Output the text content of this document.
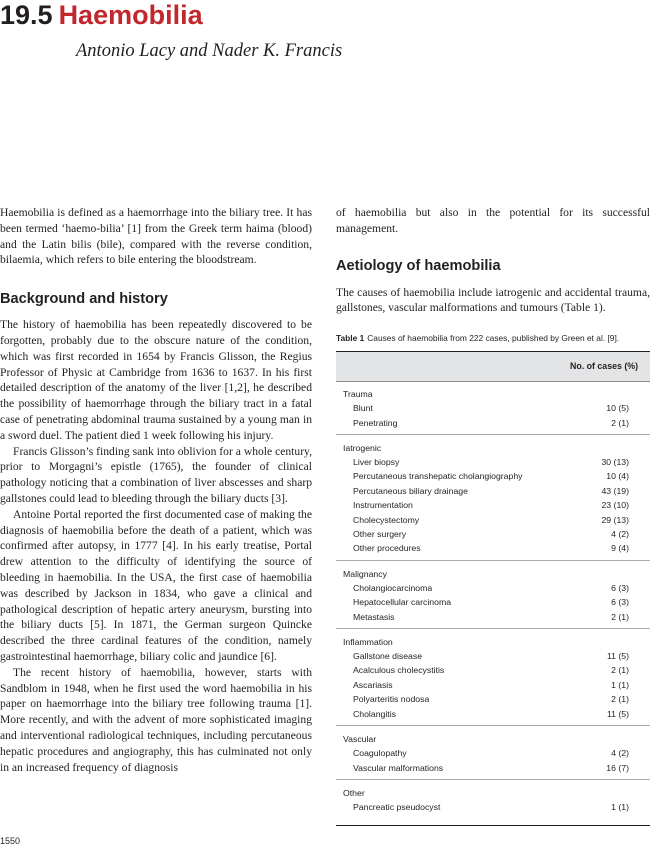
19.5 Haemobilia
Antonio Lacy and Nader K. Francis

Haemobilia is defined as a haemorrhage into the biliary tree. It has been termed ‘haemo-bilia’ [1] from the Greek term haima (blood) and the Latin bilis (bile), compared with the reverse condition, bilaemia, which refers to bile entering the bloodstream.

Background and history

The history of haemobilia has been repeatedly discovered to be forgotten, probably due to the obscure nature of the condition, which was first recorded in 1654 by Francis Glisson, the Regius Professor of Physic at Cambridge from 1636 to 1637. In his first detailed description of the anatomy of the liver [1,2], he described the possibility of haemorrhage through the biliary tract in a fatal case of penetrating abdominal trauma sustained by a young man in a sword duel. The patient died 1 week following his injury.

Francis Glisson’s finding sank into oblivion for a whole century, prior to Morgagni’s epistle (1765), the founder of clinical pathology noticing that a combination of liver abscesses and sharp gallstones could lead to bleeding through the biliary ducts [3].

Antoine Portal reported the first documented case of making the diagnosis of haemobilia before the death of a patient, which was confirmed after autopsy, in 1777 [4]. In his early treatise, Portal drew attention to the difficulty of identifying the source of bleeding in haemobilia. In the USA, the first case of haemobilia was described by Jackson in 1834, who gave a clinical and pathological description of hepatic artery aneurysm, bursting into the biliary ducts [5]. In 1871, the German surgeon Quincke described the three cardinal features of the condition, namely gastrointestinal haemorrhage, biliary colic and jaundice [6].

The recent history of haemobilia, however, starts with Sandblom in 1948, when he first used the word haemobilia in his paper on haemorrhage into the biliary tree following trauma [1]. More recently, and with the advent of more sophisticated imaging and interventional radiological techniques, including percutaneous hepatic procedures and angiography, this has culminated not only in an increased frequency of diagnosis

of haemobilia but also in the potential for its successful management.

Aetiology of haemobilia

The causes of haemobilia include iatrogenic and accidental trauma, gallstones, vascular malformations and tumours (Table 1).

Table 1 Causes of haemobilia from 222 cases, published by Green et al. [9].
No. of cases (%)
Trauma
Blunt	10 (5)
Penetrating	2 (1)
Iatrogenic
Liver biopsy	30 (13)
Percutaneous transhepatic cholangiography	10 (4)
Percutaneous biliary drainage	43 (19)
Instrumentation	23 (10)
Cholecystectomy	29 (13)
Other surgery	4 (2)
Other procedures	9 (4)
Malignancy
Cholangiocarcinoma	6 (3)
Hepatocellular carcinoma	6 (3)
Metastasis	2 (1)
Inflammation
Gallstone disease	11 (5)
Acalculous cholecystitis	2 (1)
Ascariasis	1 (1)
Polyarteritis nodosa	2 (1)
Cholangitis	11 (5)
Vascular
Coagulopathy	4 (2)
Vascular malformations	16 (7)
Other
Pancreatic pseudocyst	1 (1)
1550
